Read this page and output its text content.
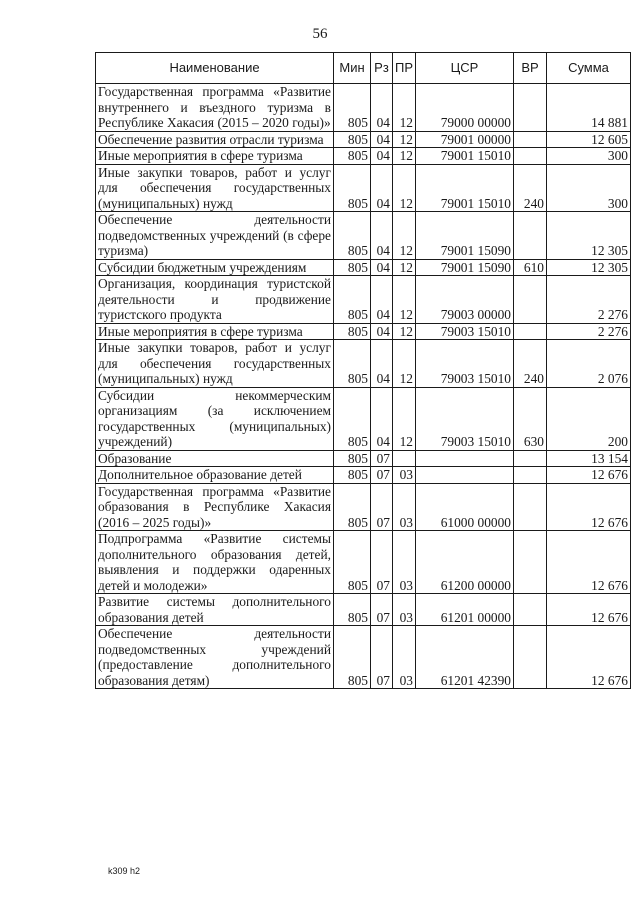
56
Наименование	Мин	Рз	ПР	ЦСР	ВР	Сумма
Государственная программа «Развитие внутреннего и въездного туризма в Республике Хакасия (2015 – 2020 годы)»	805	04	12	79000 00000		14 881
Обеспечение развития отрасли туризма	805	04	12	79001 00000		12 605
Иные мероприятия в сфере туризма	805	04	12	79001 15010		300
Иные закупки товаров, работ и услуг для обеспечения государственных (муниципальных) нужд	805	04	12	79001 15010	240	300
Обеспечение деятельности подведомственных учреждений (в сфере туризма)	805	04	12	79001 15090		12 305
Субсидии бюджетным учреждениям	805	04	12	79001 15090	610	12 305
Организация, координация туристской деятельности и продвижение туристского продукта	805	04	12	79003 00000		2 276
Иные мероприятия в сфере туризма	805	04	12	79003 15010		2 276
Иные закупки товаров, работ и услуг для обеспечения государственных (муниципальных) нужд	805	04	12	79003 15010	240	2 076
Субсидии некоммерческим организациям (за исключением государственных (муниципальных) учреждений)	805	04	12	79003 15010	630	200
Образование	805	07				13 154
Дополнительное образование детей	805	07	03			12 676
Государственная программа «Развитие образования в Республике Хакасия (2016 – 2025 годы)»	805	07	03	61000 00000		12 676
Подпрограмма «Развитие системы дополнительного образования детей, выявления и поддержки одаренных детей и молодежи»	805	07	03	61200 00000		12 676
Развитие системы дополнительного образования детей	805	07	03	61201 00000		12 676
Обеспечение деятельности подведомственных учреждений (предоставление дополнительного образования детям)	805	07	03	61201 42390		12 676
k309 h2
